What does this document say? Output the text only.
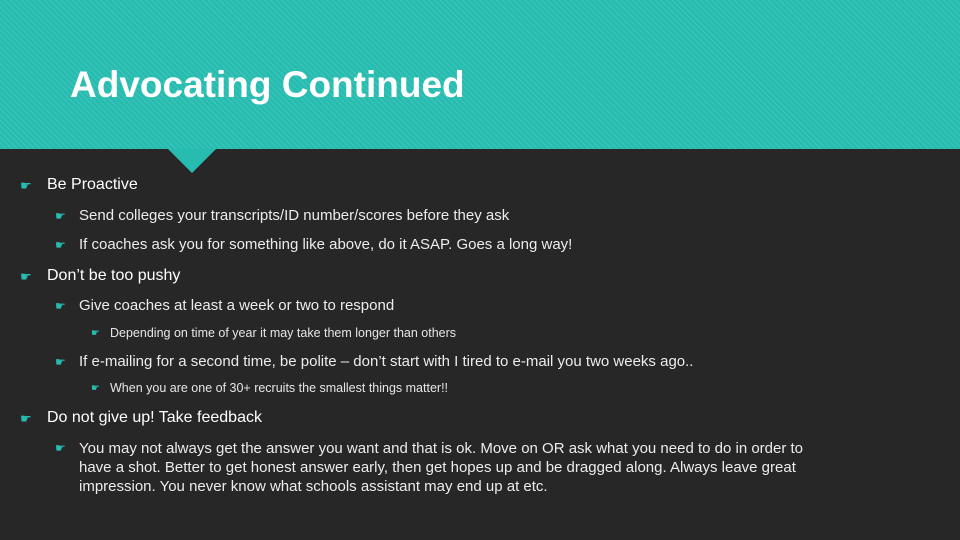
Advocating Continued
☛ Be Proactive
☛ Send colleges your transcripts/ID number/scores before they ask
☛ If coaches ask you for something like above, do it ASAP. Goes a long way!
☛ Don’t be too pushy
☛ Give coaches at least a week or two to respond
☛ Depending on time of year it may take them longer than others
☛ If e-mailing for a second time, be polite – don’t start with I tired to e-mail you two weeks ago..
☛ When you are one of 30+ recruits the smallest things matter!!
☛ Do not give up! Take feedback
☛ You may not always get the answer you want and that is ok. Move on OR ask what you need to do in order to have a shot. Better to get honest answer early, then get hopes up and be dragged along. Always leave great impression. You never know what schools assistant may end up at etc.
